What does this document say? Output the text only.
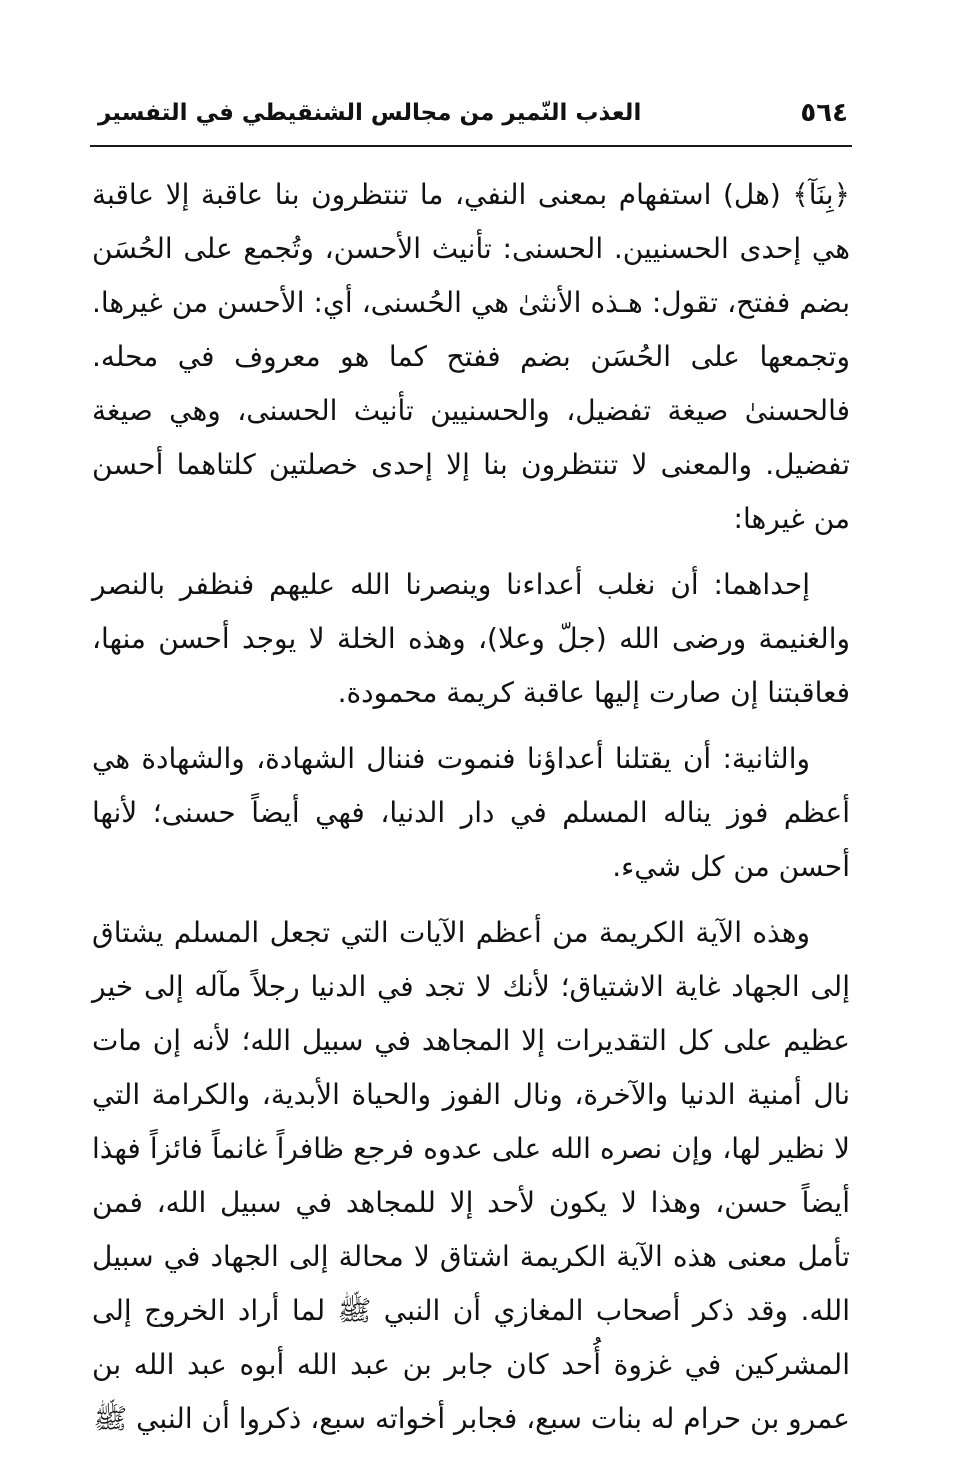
٥٦٤
العذب النّمير من مجالس الشنقيطي في التفسير

﴿بِنَآ﴾ (هل) استفهام بمعنى النفي، ما تنتظرون بنا عاقبة إلا عاقبة هي إحدى الحسنيين. الحسنى: تأنيث الأحسن، وتُجمع على الحُسَن بضم ففتح، تقول: هـذه الأنثىٰ هي الحُسنى، أي: الأحسن من غيرها. وتجمعها على الحُسَن بضم ففتح كما هو معروف في محله. فالحسنىٰ صيغة تفضيل، والحسنيين تأنيث الحسنى، وهي صيغة تفضيل. والمعنى لا تنتظرون بنا إلا إحدى خصلتين كلتاهما أحسن من غيرها:

إحداهما: أن نغلب أعداءنا وينصرنا الله عليهم فنظفر بالنصر والغنيمة ورضى الله (جلّ وعلا)، وهذه الخلة لا يوجد أحسن منها، فعاقبتنا إن صارت إليها عاقبة كريمة محمودة.

والثانية: أن يقتلنا أعداؤنا فنموت فننال الشهادة، والشهادة هي أعظم فوز يناله المسلم في دار الدنيا، فهي أيضاً حسنى؛ لأنها أحسن من كل شيء.

وهذه الآية الكريمة من أعظم الآيات التي تجعل المسلم يشتاق إلى الجهاد غاية الاشتياق؛ لأنك لا تجد في الدنيا رجلاً مآله إلى خير عظيم على كل التقديرات إلا المجاهد في سبيل الله؛ لأنه إن مات نال أمنية الدنيا والآخرة، ونال الفوز والحياة الأبدية، والكرامة التي لا نظير لها، وإن نصره الله على عدوه فرجع ظافراً غانماً فائزاً فهذا أيضاً حسن، وهذا لا يكون لأحد إلا للمجاهد في سبيل الله، فمن تأمل معنى هذه الآية الكريمة اشتاق لا محالة إلى الجهاد في سبيل الله. وقد ذكر أصحاب المغازي أن النبي ﷺ لما أراد الخروج إلى المشركين في غزوة أُحد كان جابر بن عبد الله أبوه عبد الله بن عمرو بن حرام له بنات سبع، فجابر أخواته سبع، ذكروا أن النبي ﷺ
